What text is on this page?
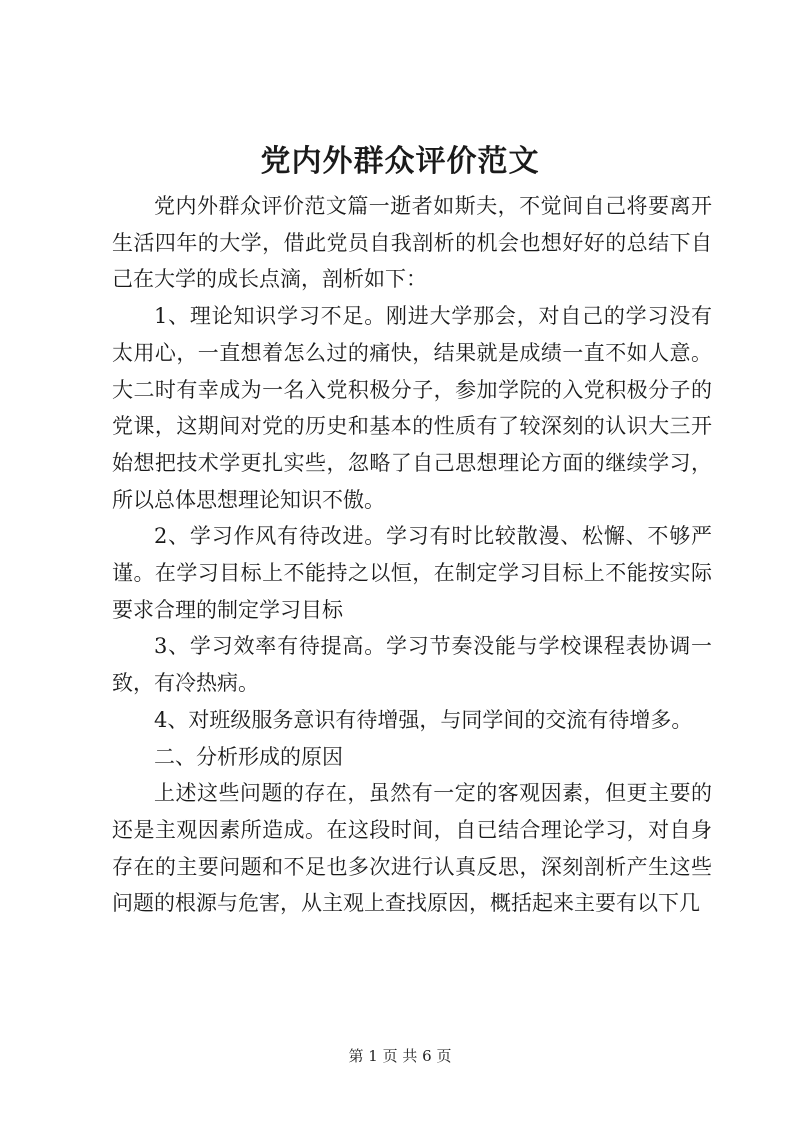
党内外群众评价范文

党内外群众评价范文篇一逝者如斯夫，不觉间自己将要离开生活四年的大学，借此党员自我剖析的机会也想好好的总结下自己在大学的成长点滴，剖析如下：

1、理论知识学习不足。刚进大学那会，对自己的学习没有太用心，一直想着怎么过的痛快，结果就是成绩一直不如人意。大二时有幸成为一名入党积极分子，参加学院的入党积极分子的党课，这期间对党的历史和基本的性质有了较深刻的认识大三开始想把技术学更扎实些，忽略了自己思想理论方面的继续学习，所以总体思想理论知识不傲。

2、学习作风有待改进。学习有时比较散漫、松懈、不够严谨。在学习目标上不能持之以恒，在制定学习目标上不能按实际要求合理的制定学习目标

3、学习效率有待提高。学习节奏没能与学校课程表协调一致，有冷热病。

4、对班级服务意识有待增强，与同学间的交流有待增多。

二、分析形成的原因

上述这些问题的存在，虽然有一定的客观因素，但更主要的还是主观因素所造成。在这段时间，自已结合理论学习，对自身存在的主要问题和不足也多次进行认真反思，深刻剖析产生这些问题的根源与危害，从主观上查找原因，概括起来主要有以下几

第 1 页 共 6 页
